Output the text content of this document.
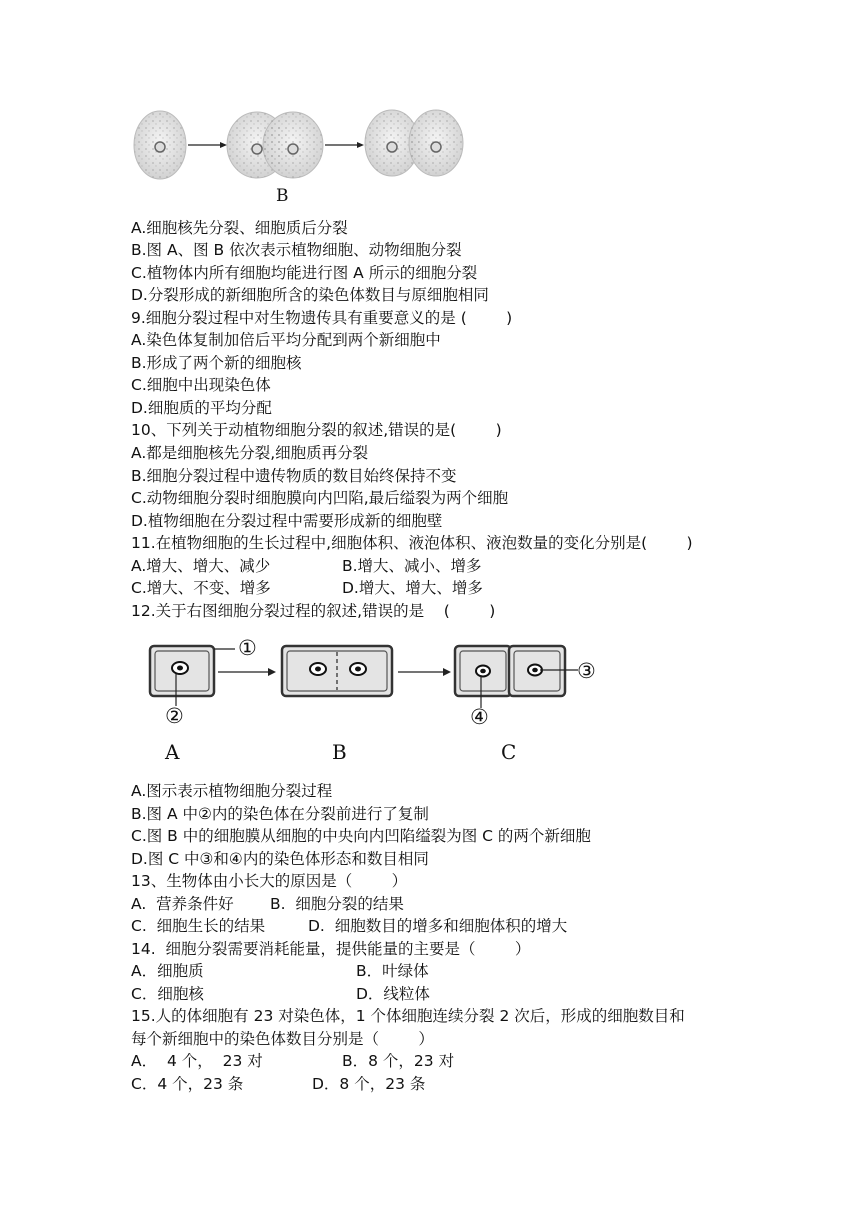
B
A.细胞核先分裂、细胞质后分裂
B.图 A、图 B 依次表示植物细胞、动物细胞分裂
C.植物体内所有细胞均能进行图 A 所示的细胞分裂
D.分裂形成的新细胞所含的染色体数目与原细胞相同
9.细胞分裂过程中对生物遗传具有重要意义的是 (        )
A.染色体复制加倍后平均分配到两个新细胞中
B.形成了两个新的细胞核
C.细胞中出现染色体
D.细胞质的平均分配
10、下列关于动植物细胞分裂的叙述,错误的是(        )
A.都是细胞核先分裂,细胞质再分裂
B.细胞分裂过程中遗传物质的数目始终保持不变
C.动物细胞分裂时细胞膜向内凹陷,最后缢裂为两个细胞
D.植物细胞在分裂过程中需要形成新的细胞壁
11.在植物细胞的生长过程中,细胞体积、液泡体积、液泡数量的变化分别是(        )
A.增大、增大、减少	B.增大、减小、增多
C.增大、不变、增多	D.增大、增大、增多
12.关于右图细胞分裂过程的叙述,错误的是    (        )
①
②
③
④
A	B	C
A.图示表示植物细胞分裂过程
B.图 A 中②内的染色体在分裂前进行了复制
C.图 B 中的细胞膜从细胞的中央向内凹陷缢裂为图 C 的两个新细胞
D.图 C 中③和④内的染色体形态和数目相同
13、生物体由小长大的原因是（        ）
A.  营养条件好 B.  细胞分裂的结果
C.  细胞生长的结果	D.  细胞数目的增多和细胞体积的增大
14.  细胞分裂需要消耗能量，提供能量的主要是（        ）
A．细胞质	B．叶绿体
C．细胞核	D．线粒体
15.人的体细胞有 23 对染色体，1 个体细胞连续分裂 2 次后，形成的细胞数目和
每个新细胞中的染色体数目分别是（        ）
A．  4 个，  23 对	B．8 个，23 对
C．4 个，23 条	D．8 个，23 条
